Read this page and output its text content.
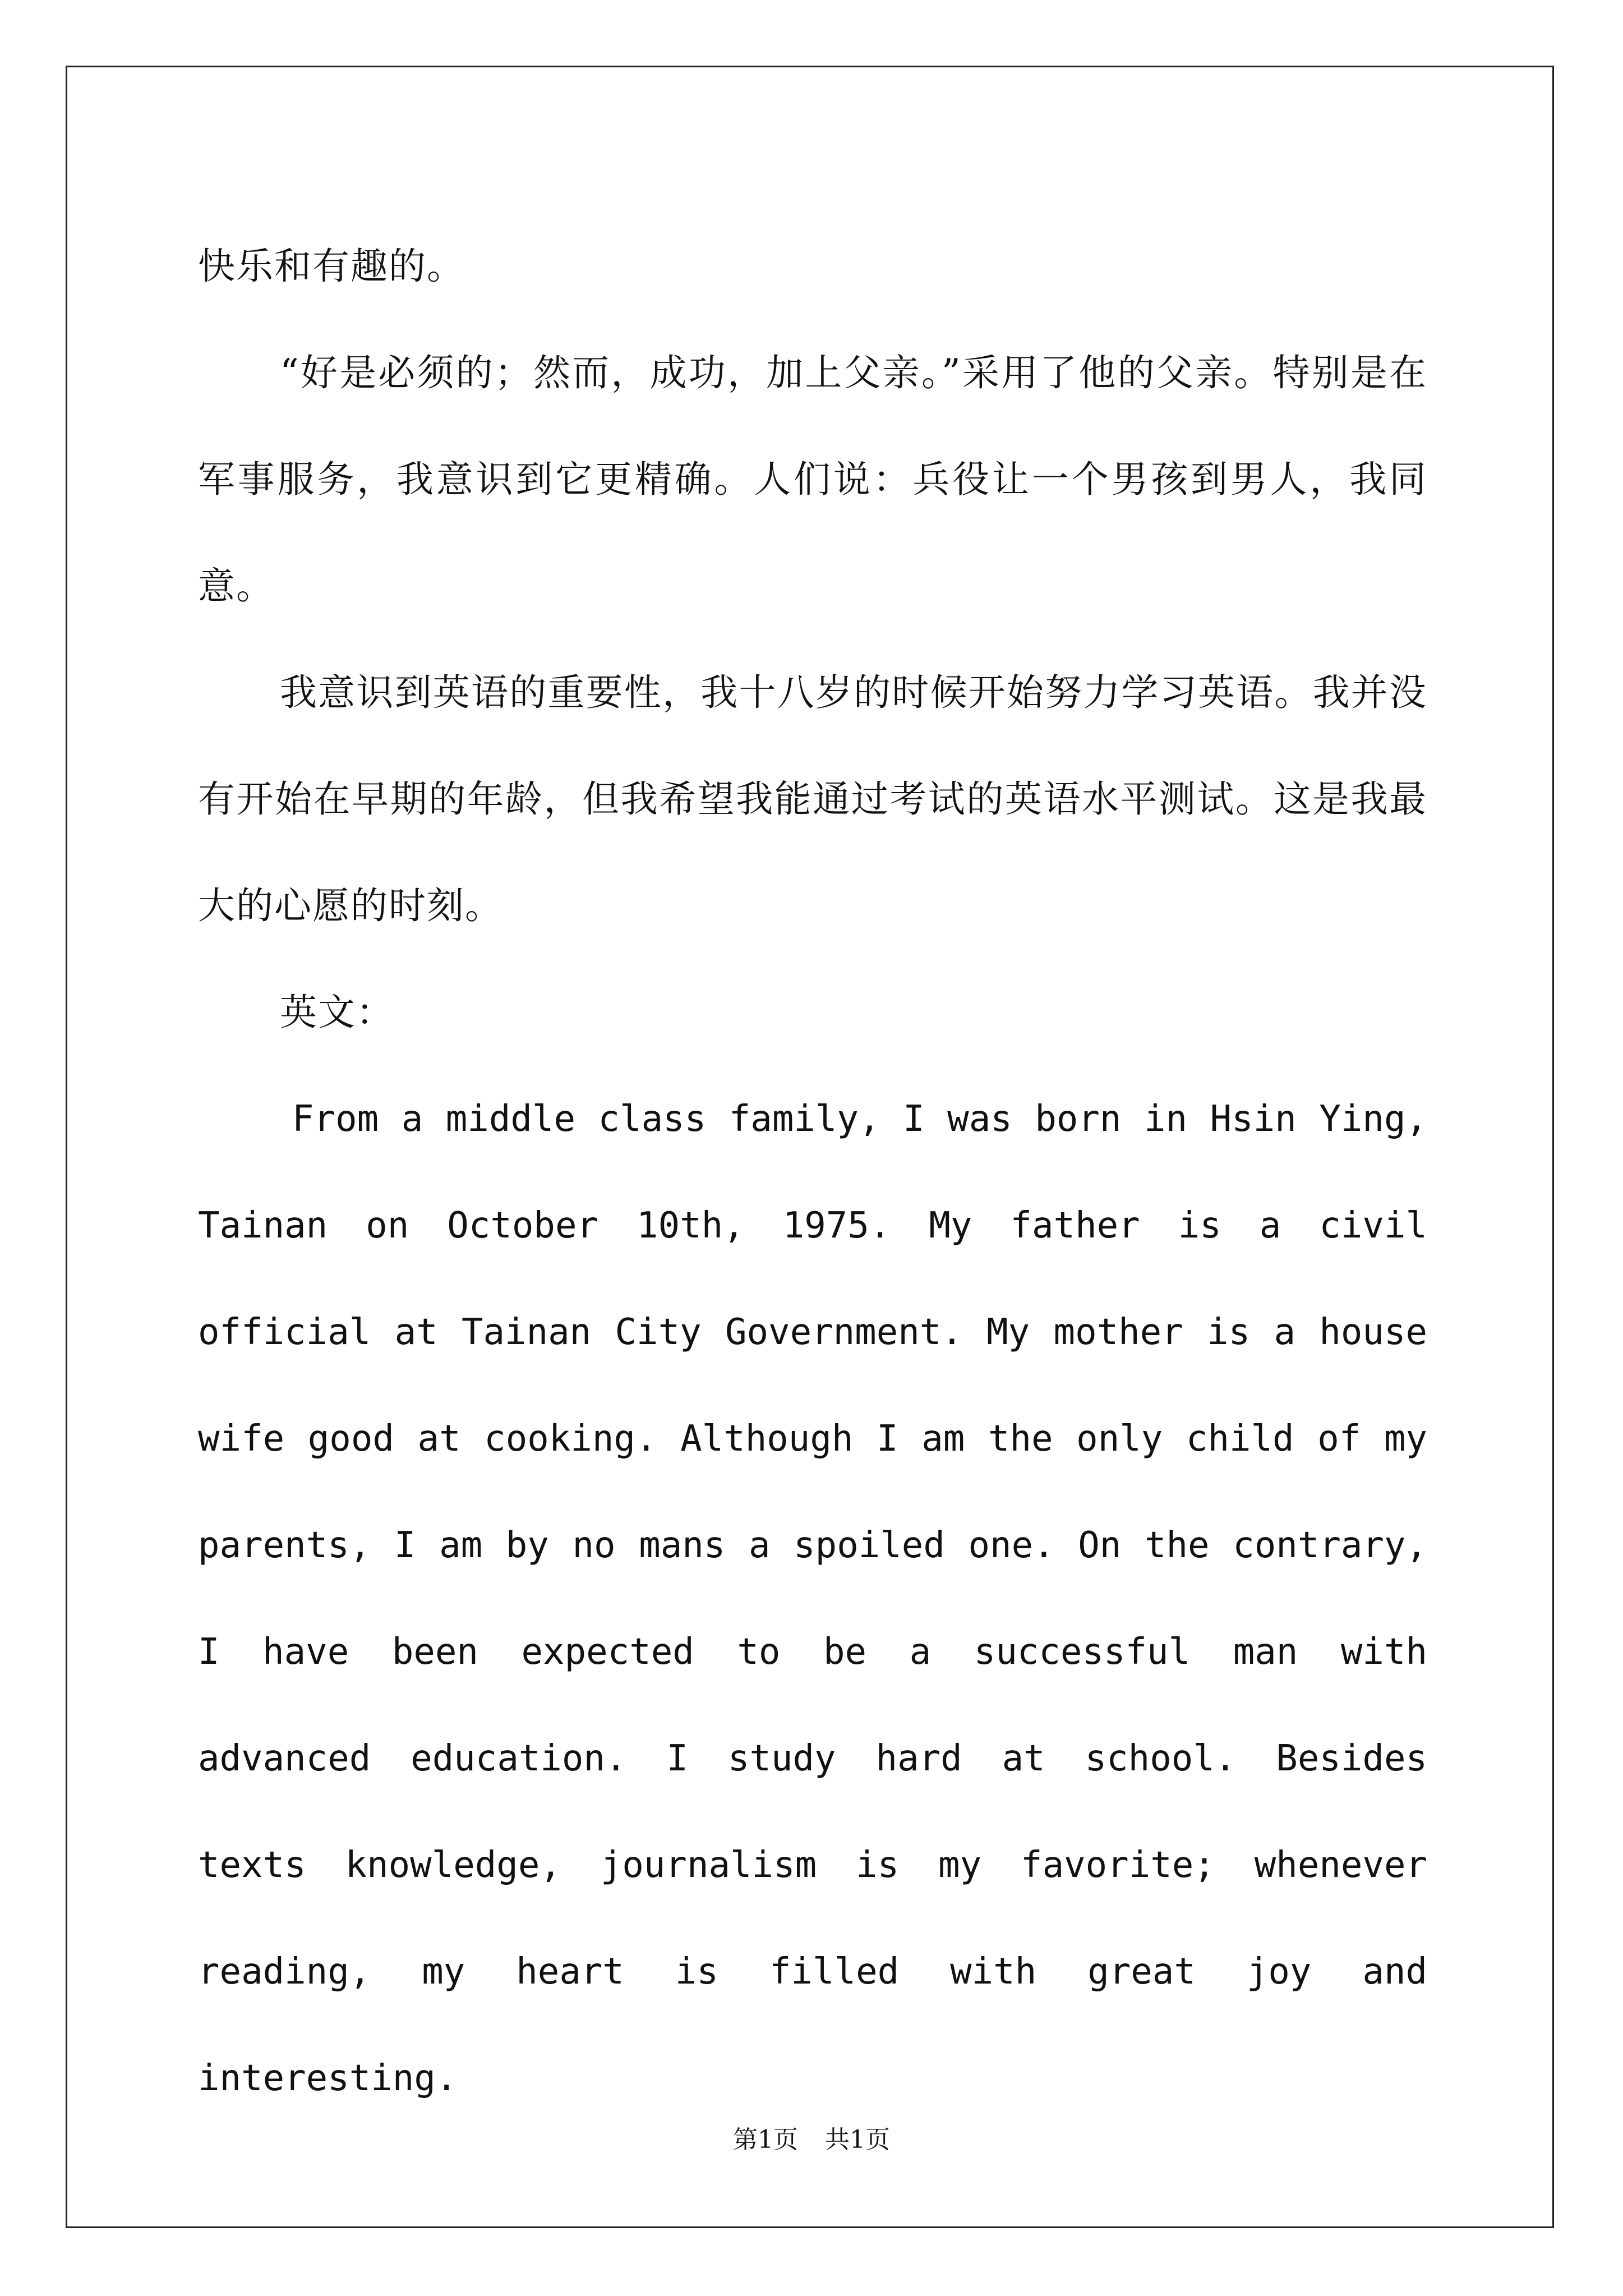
快乐和有趣的。

“好是必须的；然而，成功，加上父亲。”采用了他的父亲。特别是在军事服务，我意识到它更精确。人们说：兵役让一个男孩到男人，我同意。

我意识到英语的重要性，我十八岁的时候开始努力学习英语。我并没有开始在早期的年龄，但我希望我能通过考试的英语水平测试。这是我最大的心愿的时刻。

英文：

From a middle class family, I was born in Hsin Ying, Tainan on October 10th, 1975. My father is a civil official at Tainan City Government. My mother is a house wife good at cooking. Although I am the only child of my parents, I am by no mans a spoiled one. On the contrary, I have been expected to be a successful man with advanced education. I study hard at school. Besides texts knowledge, journalism is my favorite; whenever reading, my heart is filled with great joy and interesting.

第1页 共1页
